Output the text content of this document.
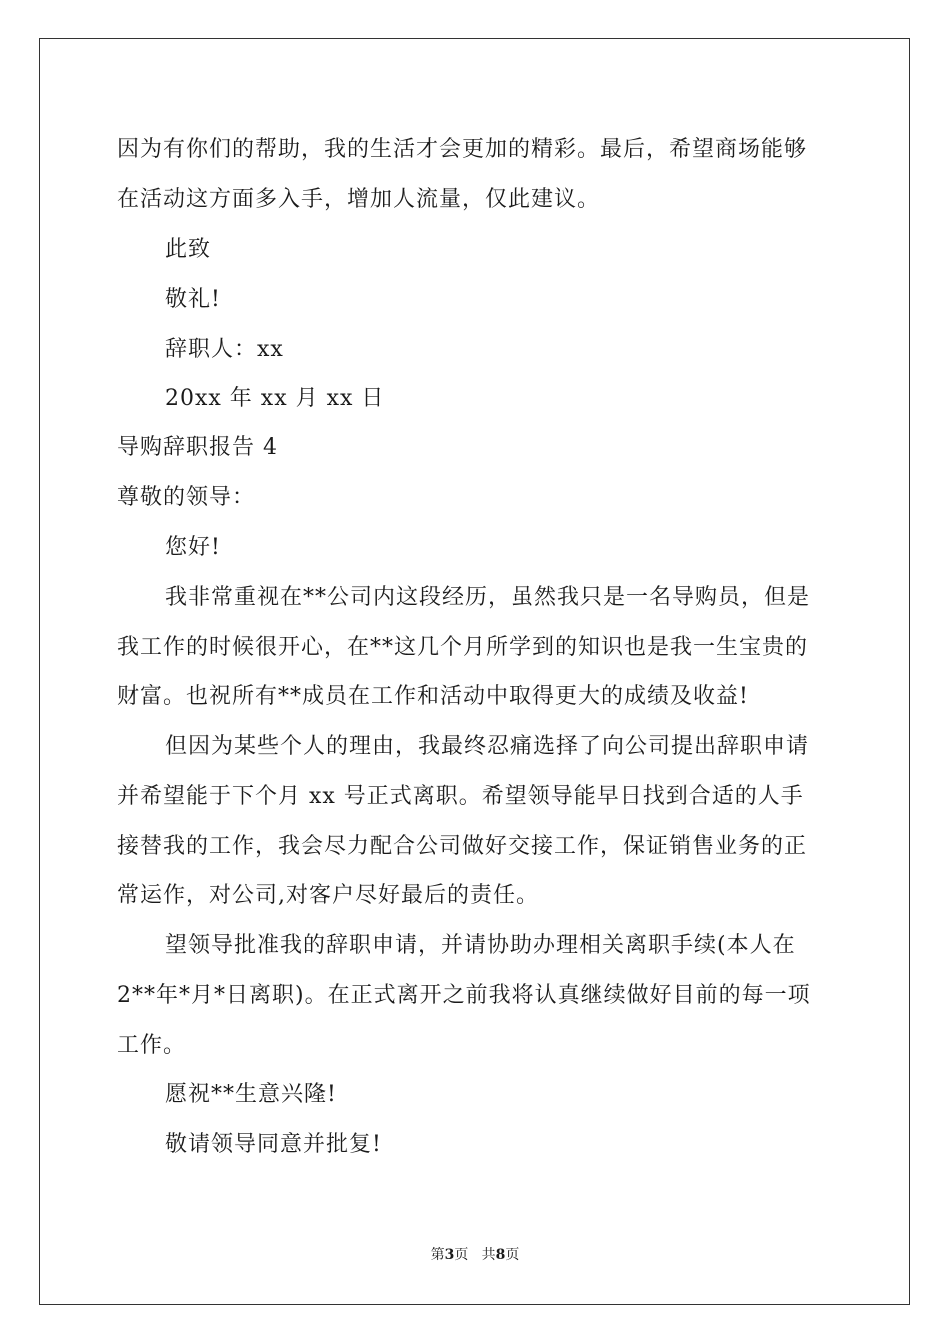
因为有你们的帮助，我的生活才会更加的精彩。最后，希望商场能够
在活动这方面多入手，增加人流量，仅此建议。
此致
敬礼!
辞职人：xx
20xx 年 xx 月 xx 日
导购辞职报告 4
尊敬的领导：
您好!
我非常重视在**公司内这段经历，虽然我只是一名导购员，但是
我工作的时候很开心，在**这几个月所学到的知识也是我一生宝贵的
财富。也祝所有**成员在工作和活动中取得更大的成绩及收益!
但因为某些个人的理由，我最终忍痛选择了向公司提出辞职申请
并希望能于下个月 xx 号正式离职。希望领导能早日找到合适的人手
接替我的工作，我会尽力配合公司做好交接工作，保证销售业务的正
常运作，对公司,对客户尽好最后的责任。
望领导批准我的辞职申请，并请协助办理相关离职手续(本人在
2**年*月*日离职)。在正式离开之前我将认真继续做好目前的每一项
工作。
愿祝**生意兴隆!
敬请领导同意并批复!
第3页 共8页
